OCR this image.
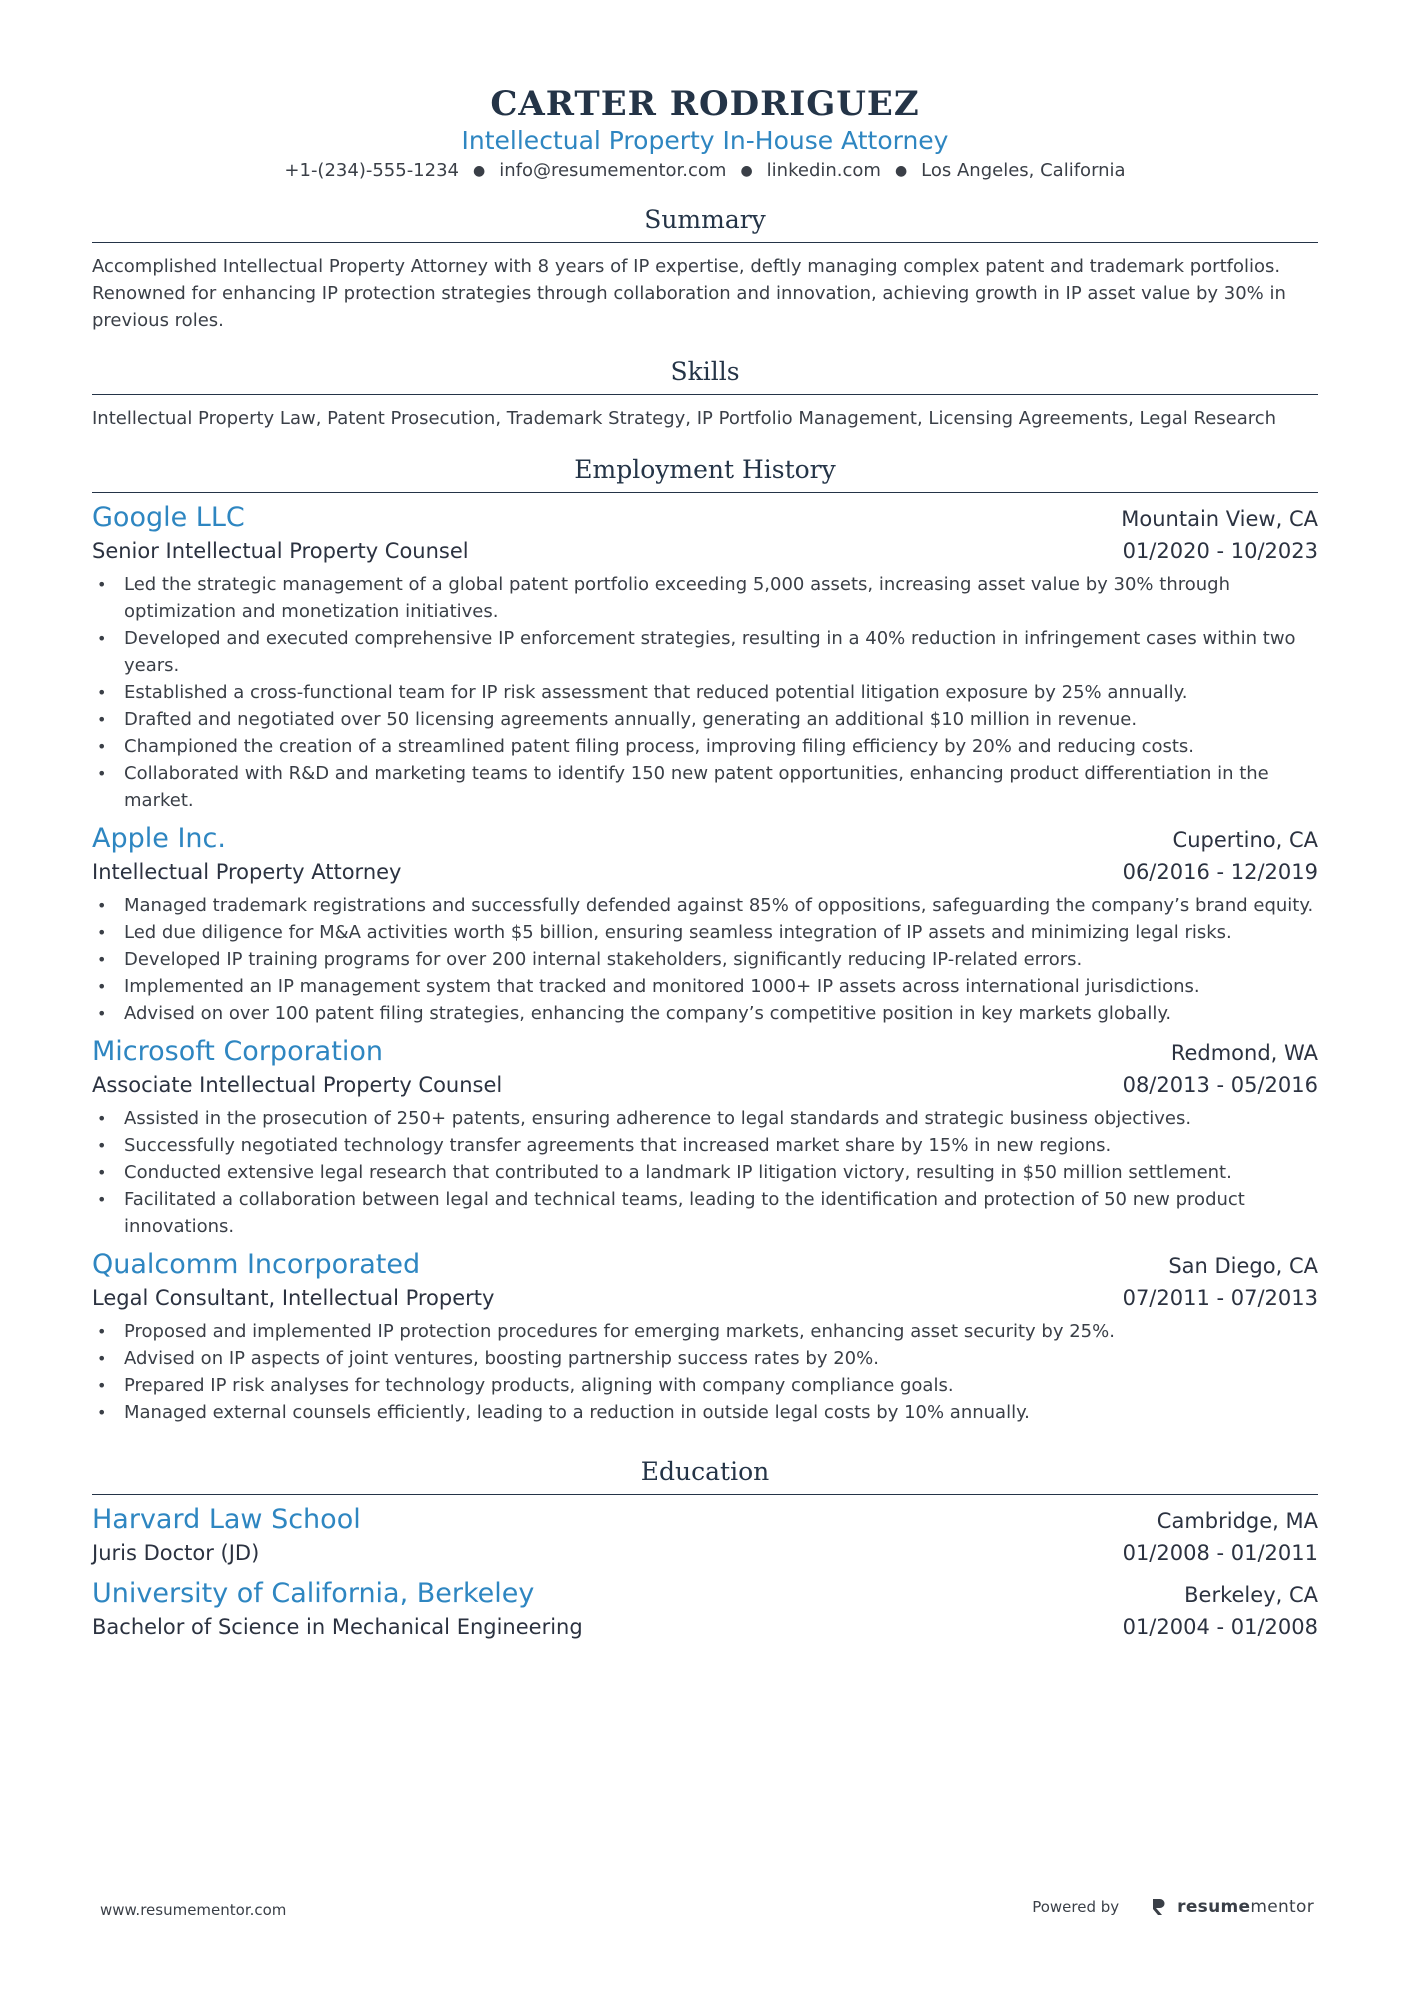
CARTER RODRIGUEZ
Intellectual Property In-House Attorney
+1-(234)-555-1234 ● info@resumementor.com ● linkedin.com ● Los Angeles, California
Summary
Accomplished Intellectual Property Attorney with 8 years of IP expertise, deftly managing complex patent and trademark portfolios. Renowned for enhancing IP protection strategies through collaboration and innovation, achieving growth in IP asset value by 30% in previous roles.
Skills
Intellectual Property Law, Patent Prosecution, Trademark Strategy, IP Portfolio Management, Licensing Agreements, Legal Research
Employment History
Google LLC	Mountain View, CA
Senior Intellectual Property Counsel	01/2020 - 10/2023
• Led the strategic management of a global patent portfolio exceeding 5,000 assets, increasing asset value by 30% through optimization and monetization initiatives.
• Developed and executed comprehensive IP enforcement strategies, resulting in a 40% reduction in infringement cases within two years.
• Established a cross-functional team for IP risk assessment that reduced potential litigation exposure by 25% annually.
• Drafted and negotiated over 50 licensing agreements annually, generating an additional $10 million in revenue.
• Championed the creation of a streamlined patent filing process, improving filing efficiency by 20% and reducing costs.
• Collaborated with R&D and marketing teams to identify 150 new patent opportunities, enhancing product differentiation in the market.
Apple Inc.	Cupertino, CA
Intellectual Property Attorney	06/2016 - 12/2019
• Managed trademark registrations and successfully defended against 85% of oppositions, safeguarding the company’s brand equity.
• Led due diligence for M&A activities worth $5 billion, ensuring seamless integration of IP assets and minimizing legal risks.
• Developed IP training programs for over 200 internal stakeholders, significantly reducing IP-related errors.
• Implemented an IP management system that tracked and monitored 1000+ IP assets across international jurisdictions.
• Advised on over 100 patent filing strategies, enhancing the company’s competitive position in key markets globally.
Microsoft Corporation	Redmond, WA
Associate Intellectual Property Counsel	08/2013 - 05/2016
• Assisted in the prosecution of 250+ patents, ensuring adherence to legal standards and strategic business objectives.
• Successfully negotiated technology transfer agreements that increased market share by 15% in new regions.
• Conducted extensive legal research that contributed to a landmark IP litigation victory, resulting in $50 million settlement.
• Facilitated a collaboration between legal and technical teams, leading to the identification and protection of 50 new product innovations.
Qualcomm Incorporated	San Diego, CA
Legal Consultant, Intellectual Property	07/2011 - 07/2013
• Proposed and implemented IP protection procedures for emerging markets, enhancing asset security by 25%.
• Advised on IP aspects of joint ventures, boosting partnership success rates by 20%.
• Prepared IP risk analyses for technology products, aligning with company compliance goals.
• Managed external counsels efficiently, leading to a reduction in outside legal costs by 10% annually.
Education
Harvard Law School	Cambridge, MA
Juris Doctor (JD)	01/2008 - 01/2011
University of California, Berkeley	Berkeley, CA
Bachelor of Science in Mechanical Engineering	01/2004 - 01/2008
www.resumementor.com	Powered by	resumementor
